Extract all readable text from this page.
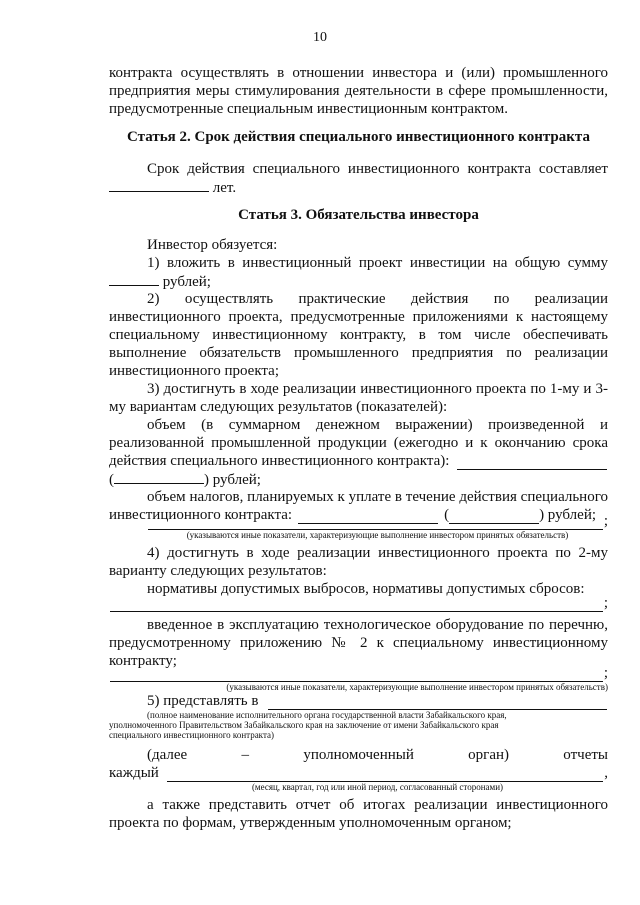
10
контракта осуществлять в отношении инвестора и (или) промышленного
предприятия меры стимулирования деятельности в сфере промышленности,
предусмотренные специальным инвестиционным контрактом.
Статья 2. Срок действия специального инвестиционного контракта
Срок действия специального инвестиционного контракта составляет
лет.
Статья 3. Обязательства инвестора
Инвестор обязуется:
1) вложить в инвестиционный проект инвестиции на общую сумму
рублей;
2) осуществлять практические действия по реализации
инвестиционного проекта, предусмотренные приложениями к настоящему
специальному инвестиционному контракту, в том числе обеспечивать
выполнение обязательств промышленного предприятия по реализации
инвестиционного проекта;
3) достигнуть в ходе реализации инвестиционного проекта по 1-му и 3-
му вариантам следующих результатов (показателей):
объем (в суммарном денежном выражении) произведенной и
реализованной промышленной продукции (ежегодно и к окончанию срока
действия специального инвестиционного контракта):
(	) рублей;
объем налогов, планируемых к уплате в течение действия специального
инвестиционного контракта:	(	) рублей; ;
(указываются иные показатели, характеризующие выполнение инвестором принятых обязательств)
4) достигнуть в ходе реализации инвестиционного проекта по 2-му
варианту следующих результатов:
нормативы допустимых выбросов, нормативы допустимых сбросов:
;
введенное в эксплуатацию технологическое оборудование по перечню,
предусмотренному приложению № 2 к специальному инвестиционному
контракту;
;
(указываются иные показатели, характеризующие выполнение инвестором принятых обязательств)
5) представлять в
(полное наименование исполнительного органа государственной власти Забайкальского края,
уполномоченного Правительством Забайкальского края на заключение от имени Забайкальского края
специального инвестиционного контракта)
(далее – уполномоченный орган) отчеты
каждый	,
(месяц, квартал, год или иной период, согласованный сторонами)
а также представить отчет об итогах реализации инвестиционного
проекта по формам, утвержденным уполномоченным органом;
